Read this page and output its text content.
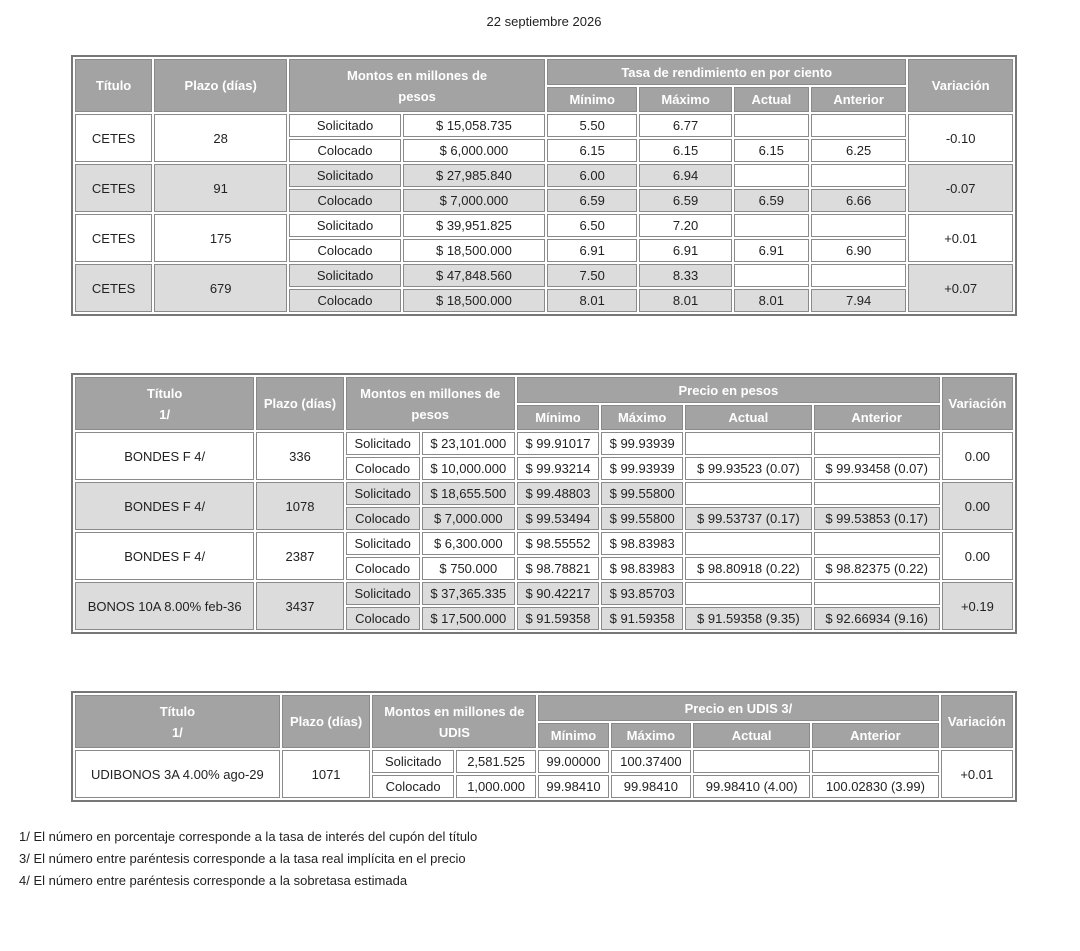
22 septiembre 2026
Título	Plazo (días)	Montos en millones de
pesos		Tasa de rendimiento en por ciento				Variación
				Mínimo	Máximo	Actual	Anterior	
CETES	28	Solicitado	$ 15,058.735	5.50	6.77			-0.10
		Colocado	$ 6,000.000	6.15	6.15	6.15	6.25	
CETES	91	Solicitado	$ 27,985.840	6.00	6.94			-0.07
		Colocado	$ 7,000.000	6.59	6.59	6.59	6.66	
CETES	175	Solicitado	$ 39,951.825	6.50	7.20			+0.01
		Colocado	$ 18,500.000	6.91	6.91	6.91	6.90	
CETES	679	Solicitado	$ 47,848.560	7.50	8.33			+0.07
		Colocado	$ 18,500.000	8.01	8.01	8.01	7.94	
Título
1/	Plazo (días)	Montos en millones de
pesos		Precio en pesos				Variación
				Mínimo	Máximo	Actual	Anterior	
BONDES F 4/	336	Solicitado	$ 23,101.000	$ 99.91017	$ 99.93939			0.00
		Colocado	$ 10,000.000	$ 99.93214	$ 99.93939	$ 99.93523 (0.07)	$ 99.93458 (0.07)	
BONDES F 4/	1078	Solicitado	$ 18,655.500	$ 99.48803	$ 99.55800			0.00
		Colocado	$ 7,000.000	$ 99.53494	$ 99.55800	$ 99.53737 (0.17)	$ 99.53853 (0.17)	
BONDES F 4/	2387	Solicitado	$ 6,300.000	$ 98.55552	$ 98.83983			0.00
		Colocado	$ 750.000	$ 98.78821	$ 98.83983	$ 98.80918 (0.22)	$ 98.82375 (0.22)	
BONOS 10A 8.00% feb-36	3437	Solicitado	$ 37,365.335	$ 90.42217	$ 93.85703			+0.19
		Colocado	$ 17,500.000	$ 91.59358	$ 91.59358	$ 91.59358 (9.35)	$ 92.66934 (9.16)	
Título
1/	Plazo (días)	Montos en millones de
UDIS		Precio en UDIS 3/				Variación
				Mínimo	Máximo	Actual	Anterior	
UDIBONOS 3A 4.00% ago-29	1071	Solicitado	2,581.525	99.00000	100.37400			+0.01
		Colocado	1,000.000	99.98410	99.98410	99.98410 (4.00)	100.02830 (3.99)	
1/ El número en porcentaje corresponde a la tasa de interés del cupón del título
3/ El número entre paréntesis corresponde a la tasa real implícita en el precio
4/ El número entre paréntesis corresponde a la sobretasa estimada
